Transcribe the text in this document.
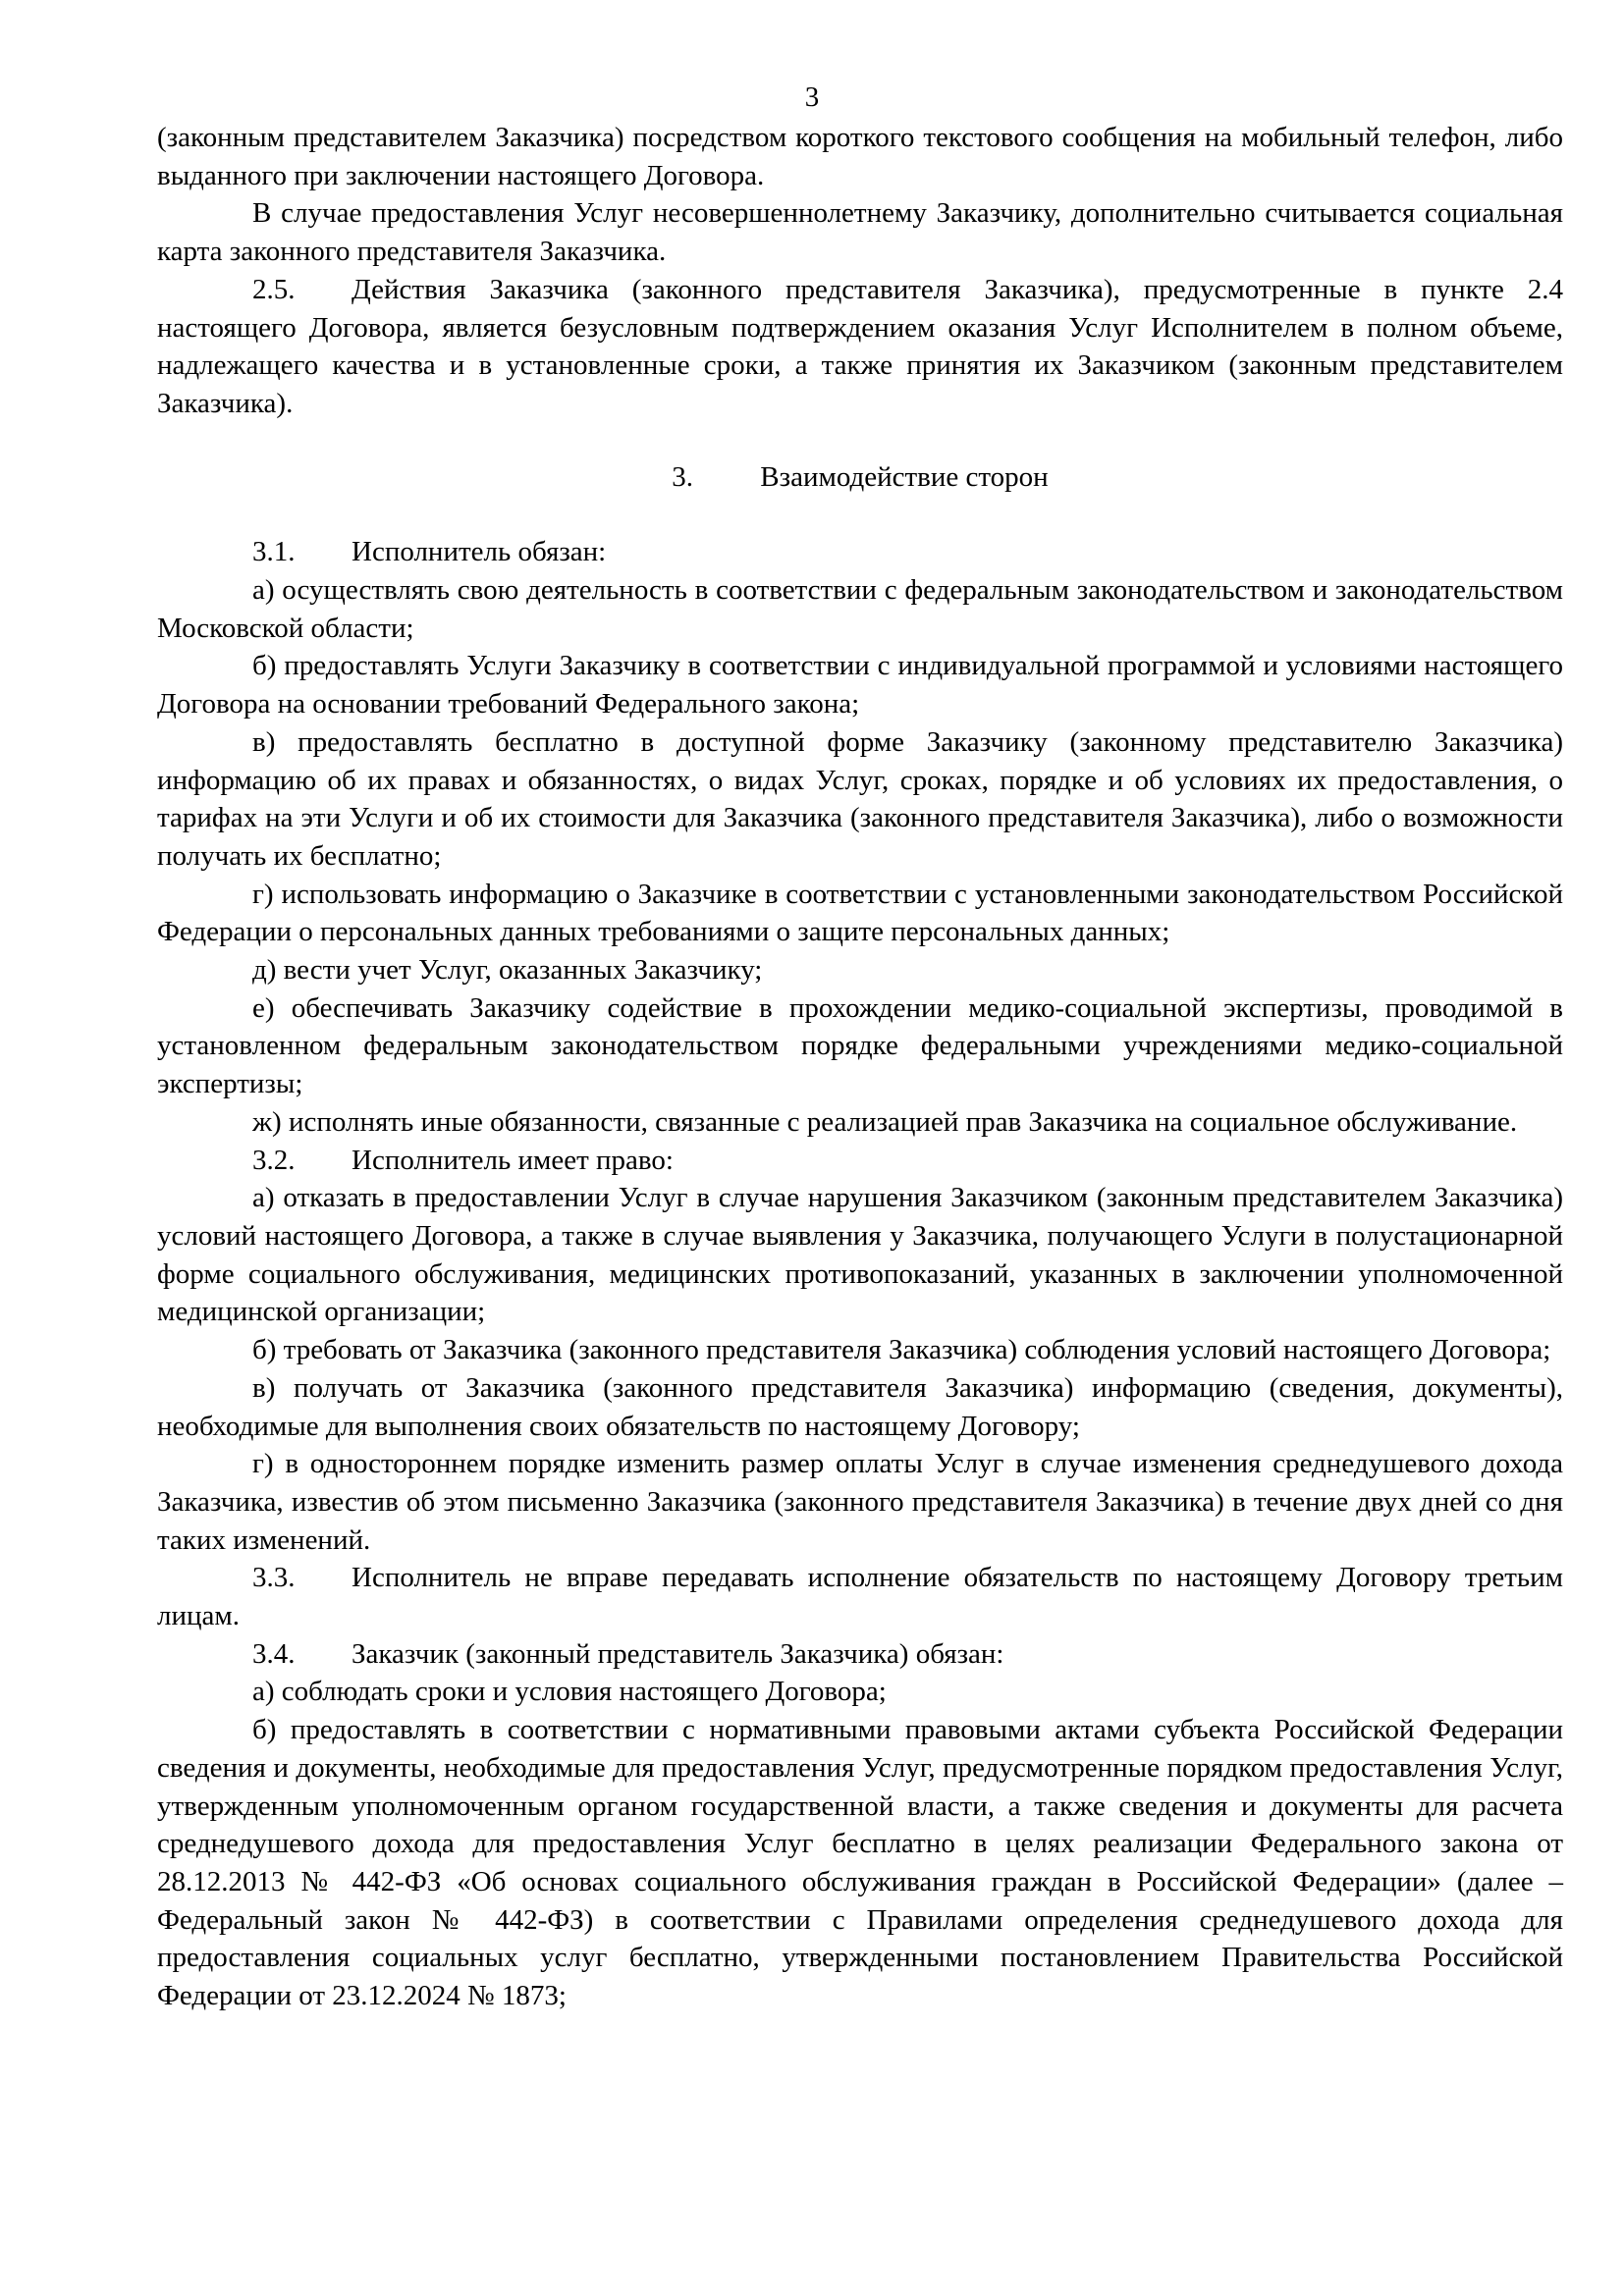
3

(законным представителем Заказчика) посредством короткого текстового сообщения на мобильный телефон, либо выданного при заключении настоящего Договора.

В случае предоставления Услуг несовершеннолетнему Заказчику, дополнительно считывается социальная карта законного представителя Заказчика.

2.5. Действия Заказчика (законного представителя Заказчика), предусмотренные в пункте 2.4 настоящего Договора, является безусловным подтверждением оказания Услуг Исполнителем в полном объеме, надлежащего качества и в установленные сроки, а также принятия их Заказчиком (законным представителем Заказчика).

3. Взаимодействие сторон

3.1. Исполнитель обязан:

а) осуществлять свою деятельность в соответствии с федеральным законодательством и законодательством Московской области;

б) предоставлять Услуги Заказчику в соответствии с индивидуальной программой и условиями настоящего Договора на основании требований Федерального закона;

в) предоставлять бесплатно в доступной форме Заказчику (законному представителю Заказчика) информацию об их правах и обязанностях, о видах Услуг, сроках, порядке и об условиях их предоставления, о тарифах на эти Услуги и об их стоимости для Заказчика (законного представителя Заказчика), либо о возможности получать их бесплатно;

г) использовать информацию о Заказчике в соответствии с установленными законодательством Российской Федерации о персональных данных требованиями о защите персональных данных;

д) вести учет Услуг, оказанных Заказчику;

е) обеспечивать Заказчику содействие в прохождении медико-социальной экспертизы, проводимой в установленном федеральным законодательством порядке федеральными учреждениями медико-социальной экспертизы;

ж) исполнять иные обязанности, связанные с реализацией прав Заказчика на социальное обслуживание.

3.2. Исполнитель имеет право:

а) отказать в предоставлении Услуг в случае нарушения Заказчиком (законным представителем Заказчика) условий настоящего Договора, а также в случае выявления у Заказчика, получающего Услуги в полустационарной форме социального обслуживания, медицинских противопоказаний, указанных в заключении уполномоченной медицинской организации;

б) требовать от Заказчика (законного представителя Заказчика) соблюдения условий настоящего Договора;

в) получать от Заказчика (законного представителя Заказчика) информацию (сведения, документы), необходимые для выполнения своих обязательств по настоящему Договору;

г) в одностороннем порядке изменить размер оплаты Услуг в случае изменения среднедушевого дохода Заказчика, известив об этом письменно Заказчика (законного представителя Заказчика) в течение двух дней со дня таких изменений.

3.3. Исполнитель не вправе передавать исполнение обязательств по настоящему Договору третьим лицам.

3.4. Заказчик (законный представитель Заказчика) обязан:

а) соблюдать сроки и условия настоящего Договора;

б) предоставлять в соответствии с нормативными правовыми актами субъекта Российской Федерации сведения и документы, необходимые для предоставления Услуг, предусмотренные порядком предоставления Услуг, утвержденным уполномоченным органом государственной власти, а также сведения и документы для расчета среднедушевого дохода для предоставления Услуг бесплатно в целях реализации Федерального закона от 28.12.2013 № 442-ФЗ «Об основах социального обслуживания граждан в Российской Федерации» (далее – Федеральный закон № 442-ФЗ) в соответствии с Правилами определения среднедушевого дохода для предоставления социальных услуг бесплатно, утвержденными постановлением Правительства Российской Федерации от 23.12.2024 № 1873;
